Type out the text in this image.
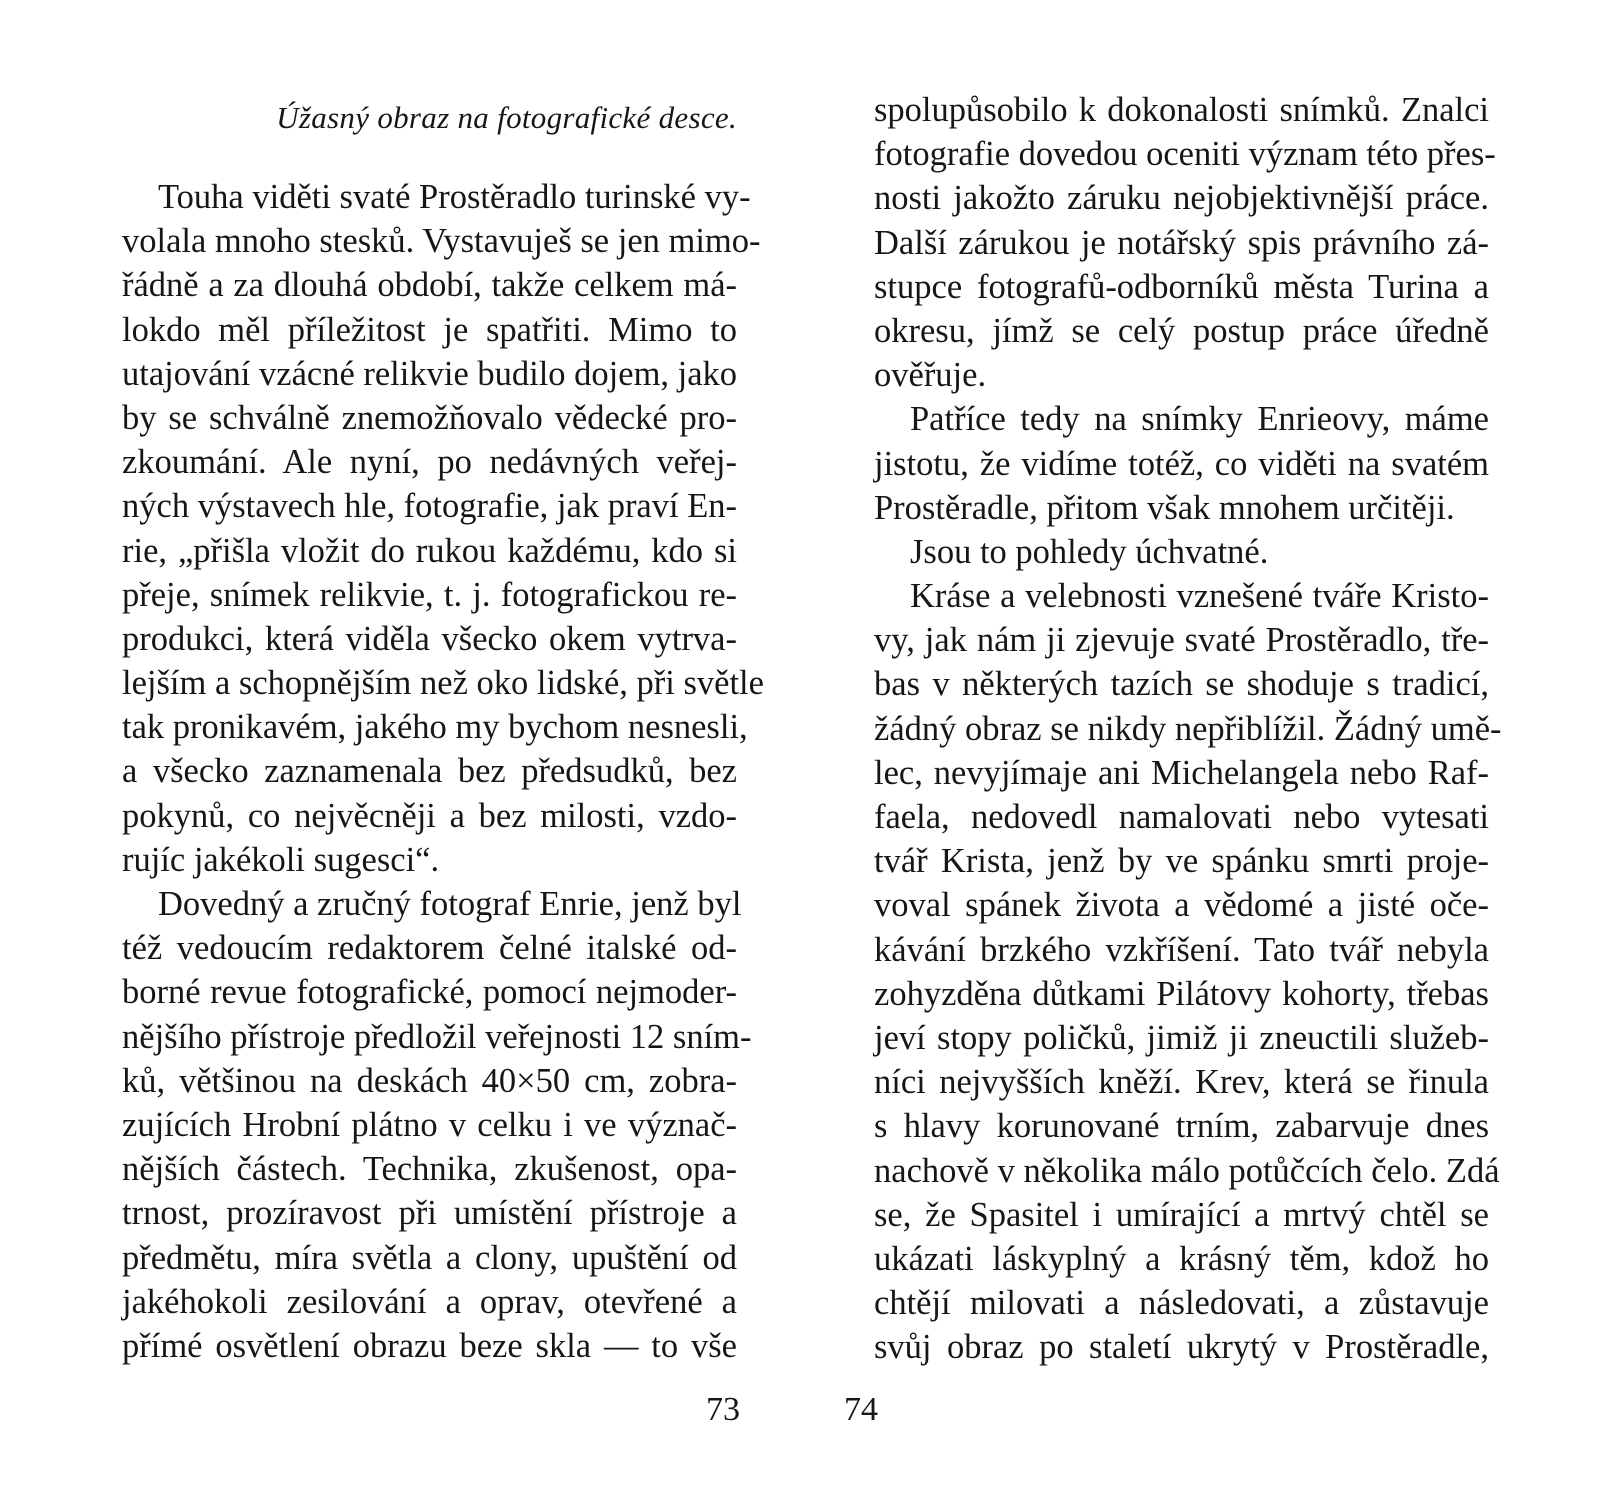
Úžasný obraz na fotografické desce.
Touha viděti svaté Prostěradlo turinské vy-
volala mnoho stesků. Vystavuješ se jen mimo-
řádně a za dlouhá období, takže celkem má-
lokdo měl příležitost je spatřiti. Mimo to
utajování vzácné relikvie budilo dojem, jako
by se schválně znemožňovalo vědecké pro-
zkoumání. Ale nyní, po nedávných veřej-
ných výstavech hle, fotografie, jak praví En-
rie, „přišla vložit do rukou každému, kdo si
přeje, snímek relikvie, t. j. fotografickou re-
produkci, která viděla všecko okem vytrva-
lejším a schopnějším než oko lidské, při světle
tak pronikavém, jakého my bychom nesnesli,
a všecko zaznamenala bez předsudků, bez
pokynů, co nejvěcněji a bez milosti, vzdo-
rujíc jakékoli sugesci“.
Dovedný a zručný fotograf Enrie, jenž byl
též vedoucím redaktorem čelné italské od-
borné revue fotografické, pomocí nejmoder-
nějšího přístroje předložil veřejnosti 12 sním-
ků, většinou na deskách 40×50 cm, zobra-
zujících Hrobní plátno v celku i ve význač-
nějších částech. Technika, zkušenost, opa-
trnost, prozíravost při umístění přístroje a
předmětu, míra světla a clony, upuštění od
jakéhokoli zesilování a oprav, otevřené a
přímé osvětlení obrazu beze skla — to vše
73
spolupůsobilo k dokonalosti snímků. Znalci
fotografie dovedou oceniti význam této přes-
nosti jakožto záruku nejobjektivnější práce.
Další zárukou je notářský spis právního zá-
stupce fotografů-odborníků města Turina a
okresu, jímž se celý postup práce úředně
ověřuje.
Patříce tedy na snímky Enrieovy, máme
jistotu, že vidíme totéž, co viděti na svatém
Prostěradle, přitom však mnohem určitěji.
Jsou to pohledy úchvatné.
Kráse a velebnosti vznešené tváře Kristo-
vy, jak nám ji zjevuje svaté Prostěradlo, tře-
bas v některých tazích se shoduje s tradicí,
žádný obraz se nikdy nepřiblížil. Žádný umě-
lec, nevyjímaje ani Michelangela nebo Raf-
faela, nedovedl namalovati nebo vytesati
tvář Krista, jenž by ve spánku smrti proje-
voval spánek života a vědomé a jisté oče-
kávání brzkého vzkříšení. Tato tvář nebyla
zohyzděna důtkami Pilátovy kohorty, třebas
jeví stopy poličků, jimiž ji zneuctili služeb-
níci nejvyšších kněží. Krev, která se řinula
s hlavy korunované trním, zabarvuje dnes
nachově v několika málo potůčcích čelo. Zdá
se, že Spasitel i umírající a mrtvý chtěl se
ukázati láskyplný a krásný těm, kdož ho
chtějí milovati a následovati, a zůstavuje
svůj obraz po staletí ukrytý v Prostěradle,
74
